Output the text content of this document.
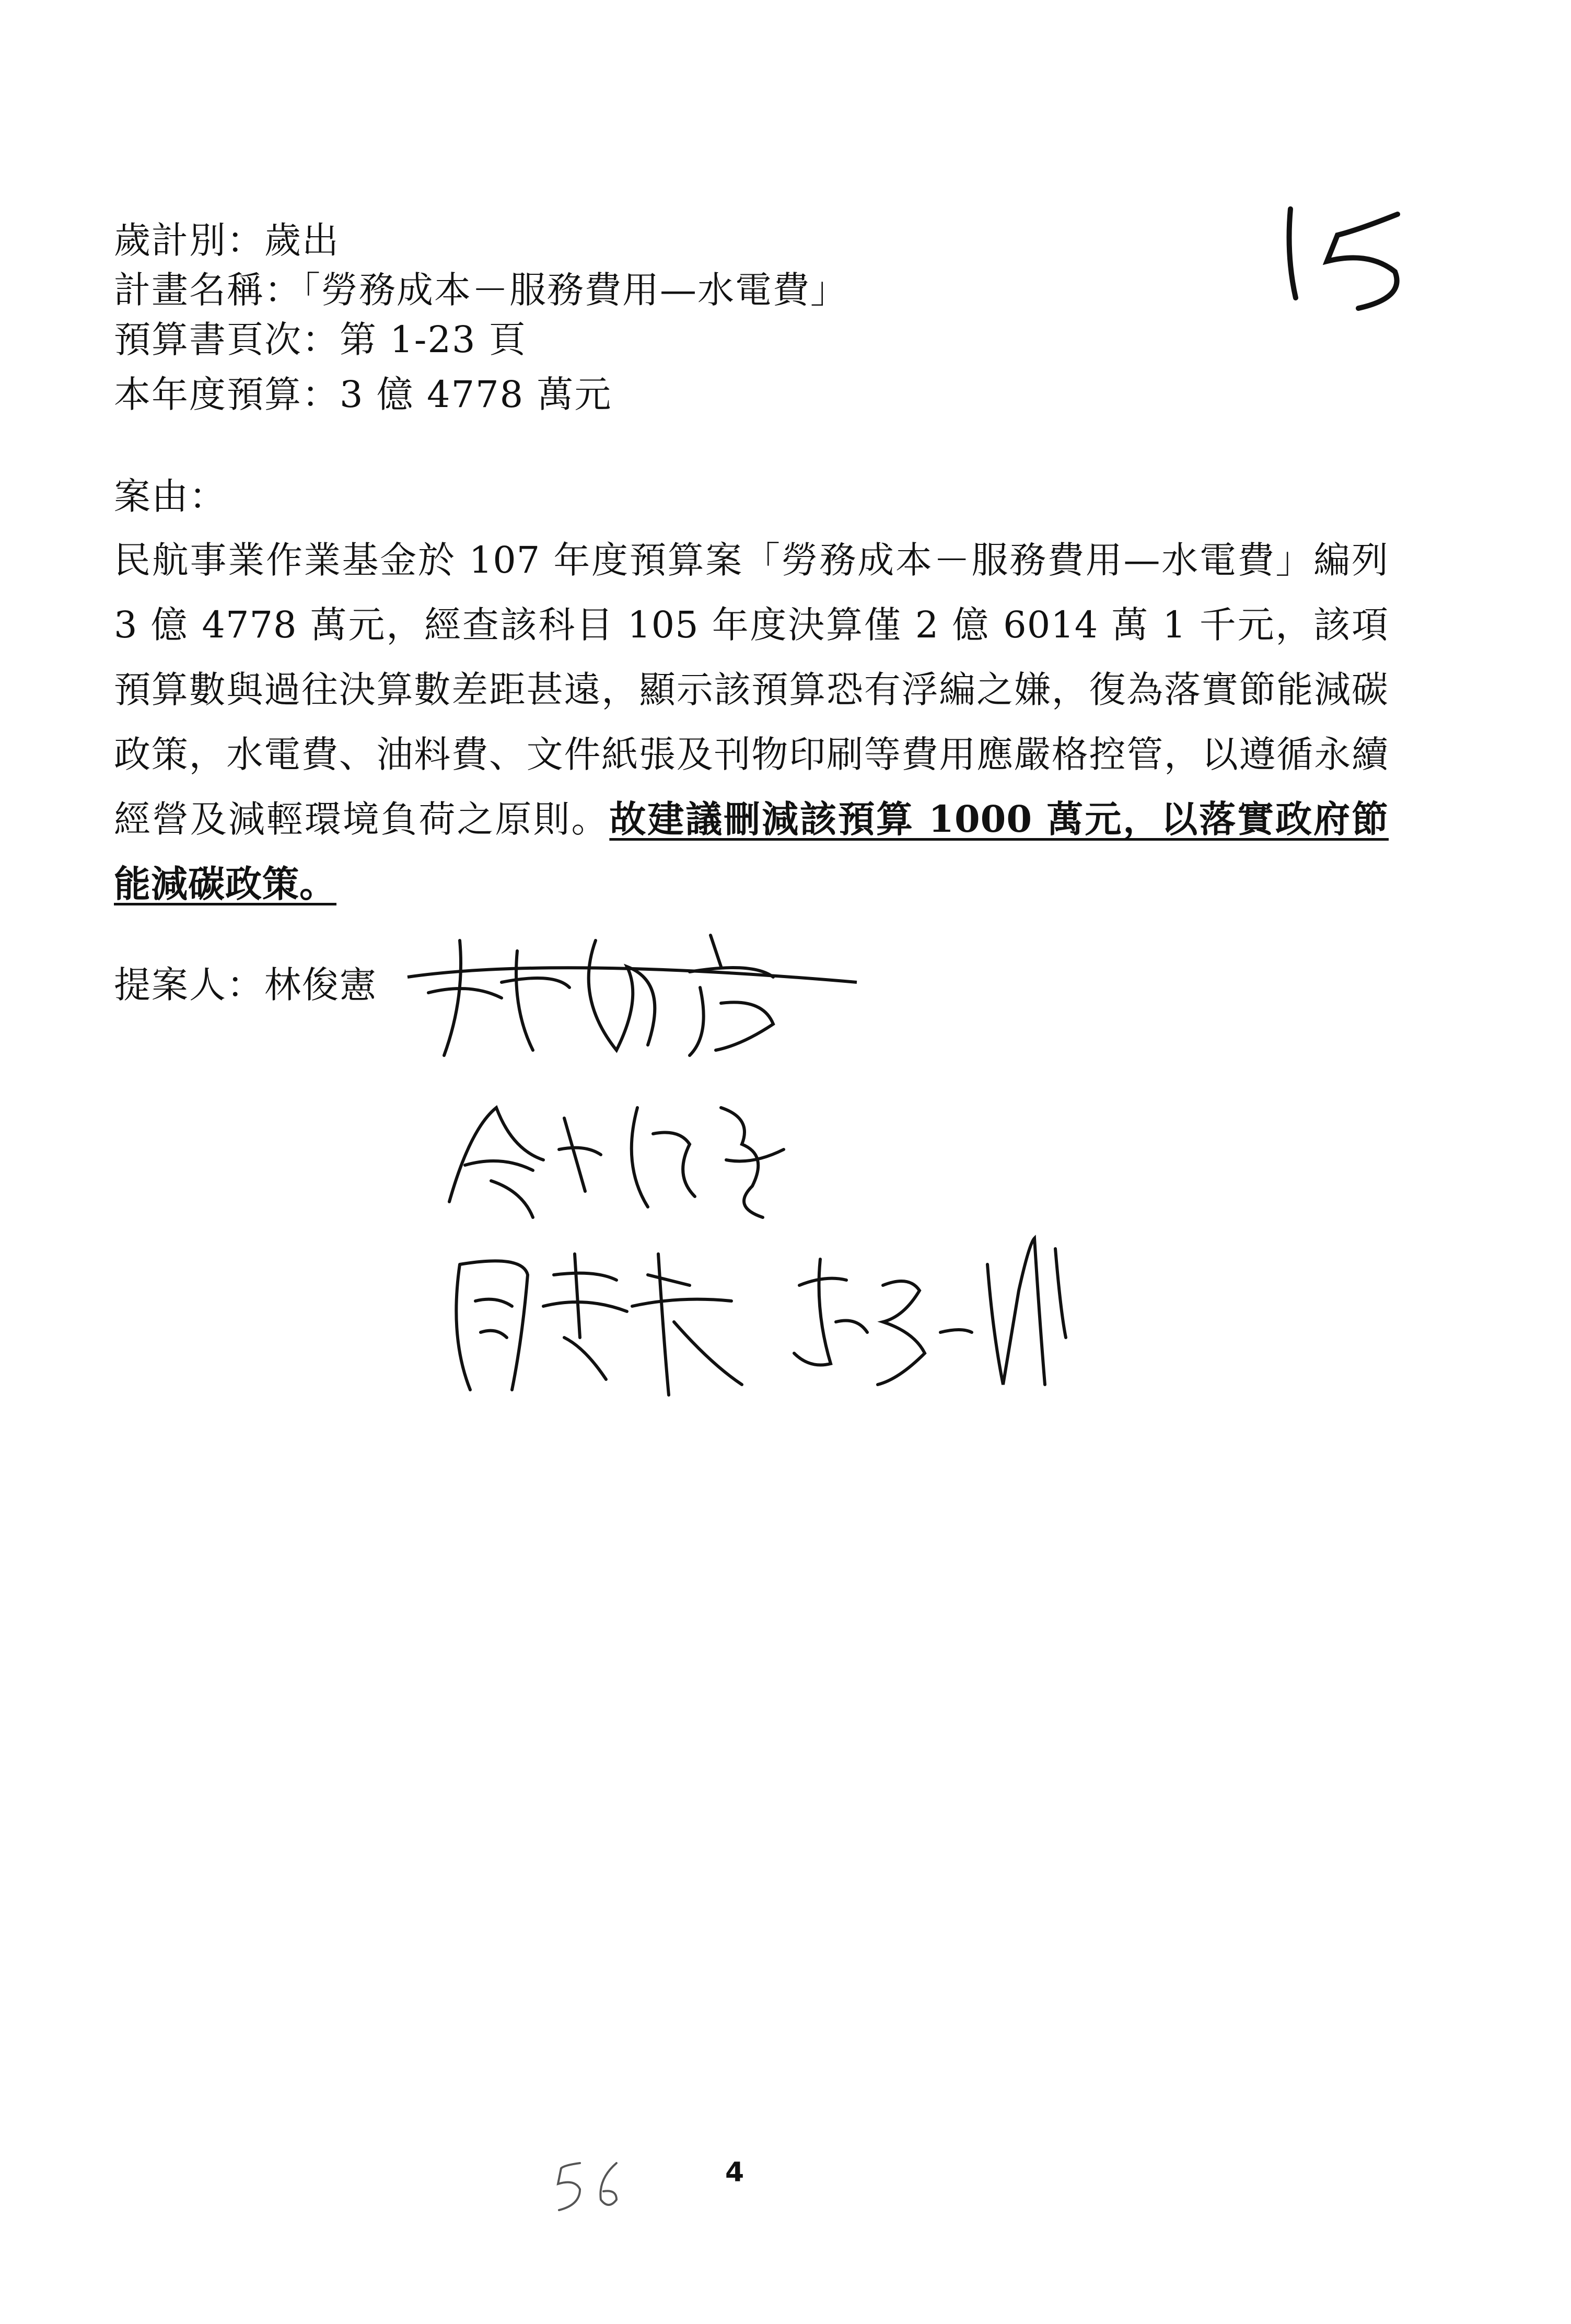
歲計別：歲出
計畫名稱：「勞務成本－服務費用—水電費」
預算書頁次：第 1-23 頁
本年度預算：3 億 4778 萬元
案由：
民航事業作業基金於 107 年度預算案「勞務成本－服務費用—水電費」編列 3 億 4778 萬元，經查該科目 105 年度決算僅 2 億 6014 萬 1 千元，該項預算數與過往決算數差距甚遠，顯示該預算恐有浮編之嫌，復為落實節能減碳政策，水電費、油料費、文件紙張及刊物印刷等費用應嚴格控管，以遵循永續經營及減輕環境負荷之原則。故建議刪減該預算 1000 萬元，以落實政府節能減碳政策。
提案人：林俊憲
4
